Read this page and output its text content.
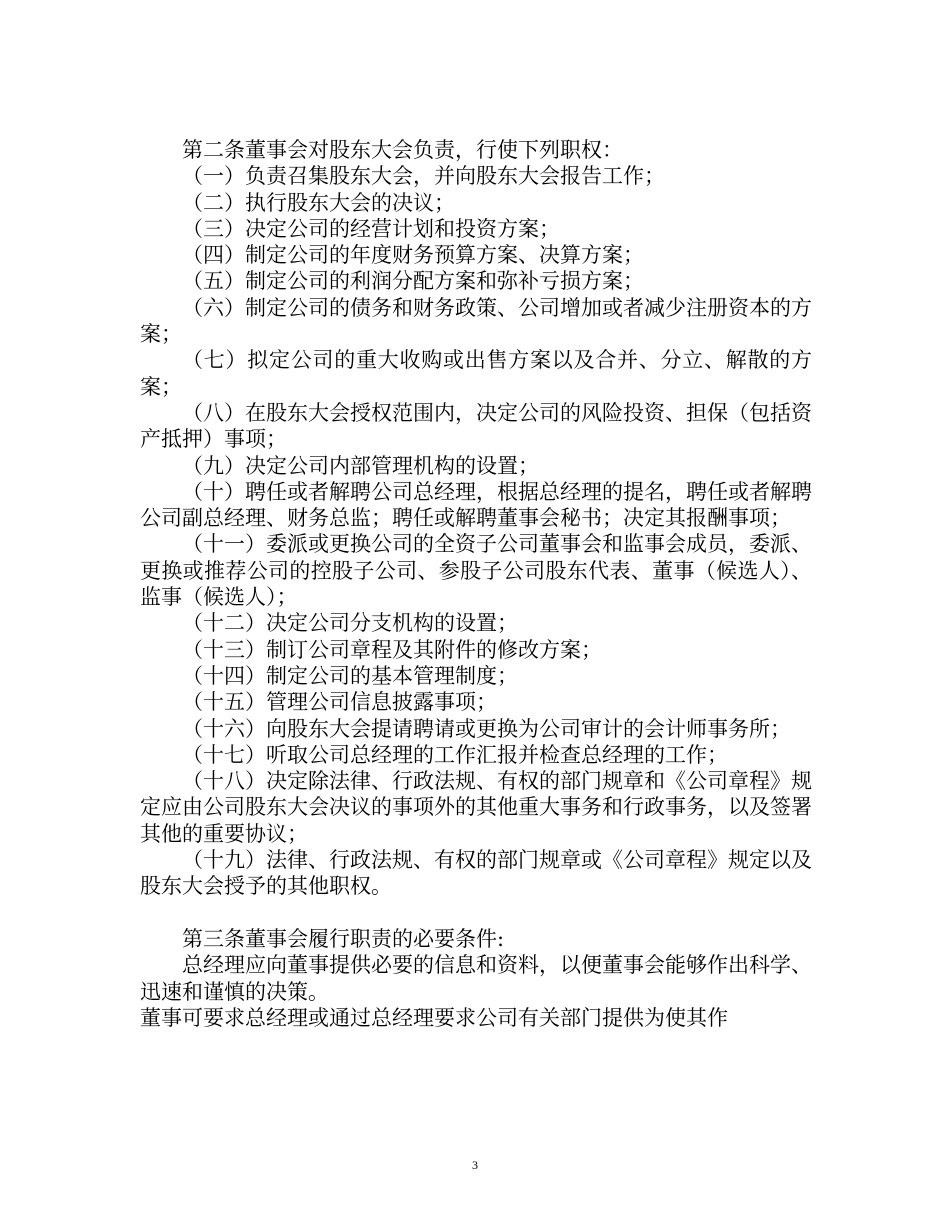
第二条董事会对股东大会负责，行使下列职权：

（一）负责召集股东大会，并向股东大会报告工作；

（二）执行股东大会的决议；

（三）决定公司的经营计划和投资方案；

（四）制定公司的年度财务预算方案、决算方案；

（五）制定公司的利润分配方案和弥补亏损方案；

（六）制定公司的债务和财务政策、公司增加或者减少注册资本的方案；

（七）拟定公司的重大收购或出售方案以及合并、分立、解散的方案；

（八）在股东大会授权范围内，决定公司的风险投资、担保（包括资产抵押）事项；

（九）决定公司内部管理机构的设置；

（十）聘任或者解聘公司总经理，根据总经理的提名，聘任或者解聘公司副总经理、财务总监；聘任或解聘董事会秘书；决定其报酬事项；

（十一）委派或更换公司的全资子公司董事会和监事会成员，委派、更换或推荐公司的控股子公司、参股子公司股东代表、董事（候选人）、监事（候选人）；

（十二）决定公司分支机构的设置；

（十三）制订公司章程及其附件的修改方案；

（十四）制定公司的基本管理制度；

（十五）管理公司信息披露事项；

（十六）向股东大会提请聘请或更换为公司审计的会计师事务所；

（十七）听取公司总经理的工作汇报并检查总经理的工作；

（十八）决定除法律、行政法规、有权的部门规章和《公司章程》规定应由公司股东大会决议的事项外的其他重大事务和行政事务，以及签署其他的重要协议；

（十九）法律、行政法规、有权的部门规章或《公司章程》规定以及股东大会授予的其他职权。

第三条董事会履行职责的必要条件:

总经理应向董事提供必要的信息和资料，以便董事会能够作出科学、迅速和谨慎的决策。

董事可要求总经理或通过总经理要求公司有关部门提供为使其作

3
